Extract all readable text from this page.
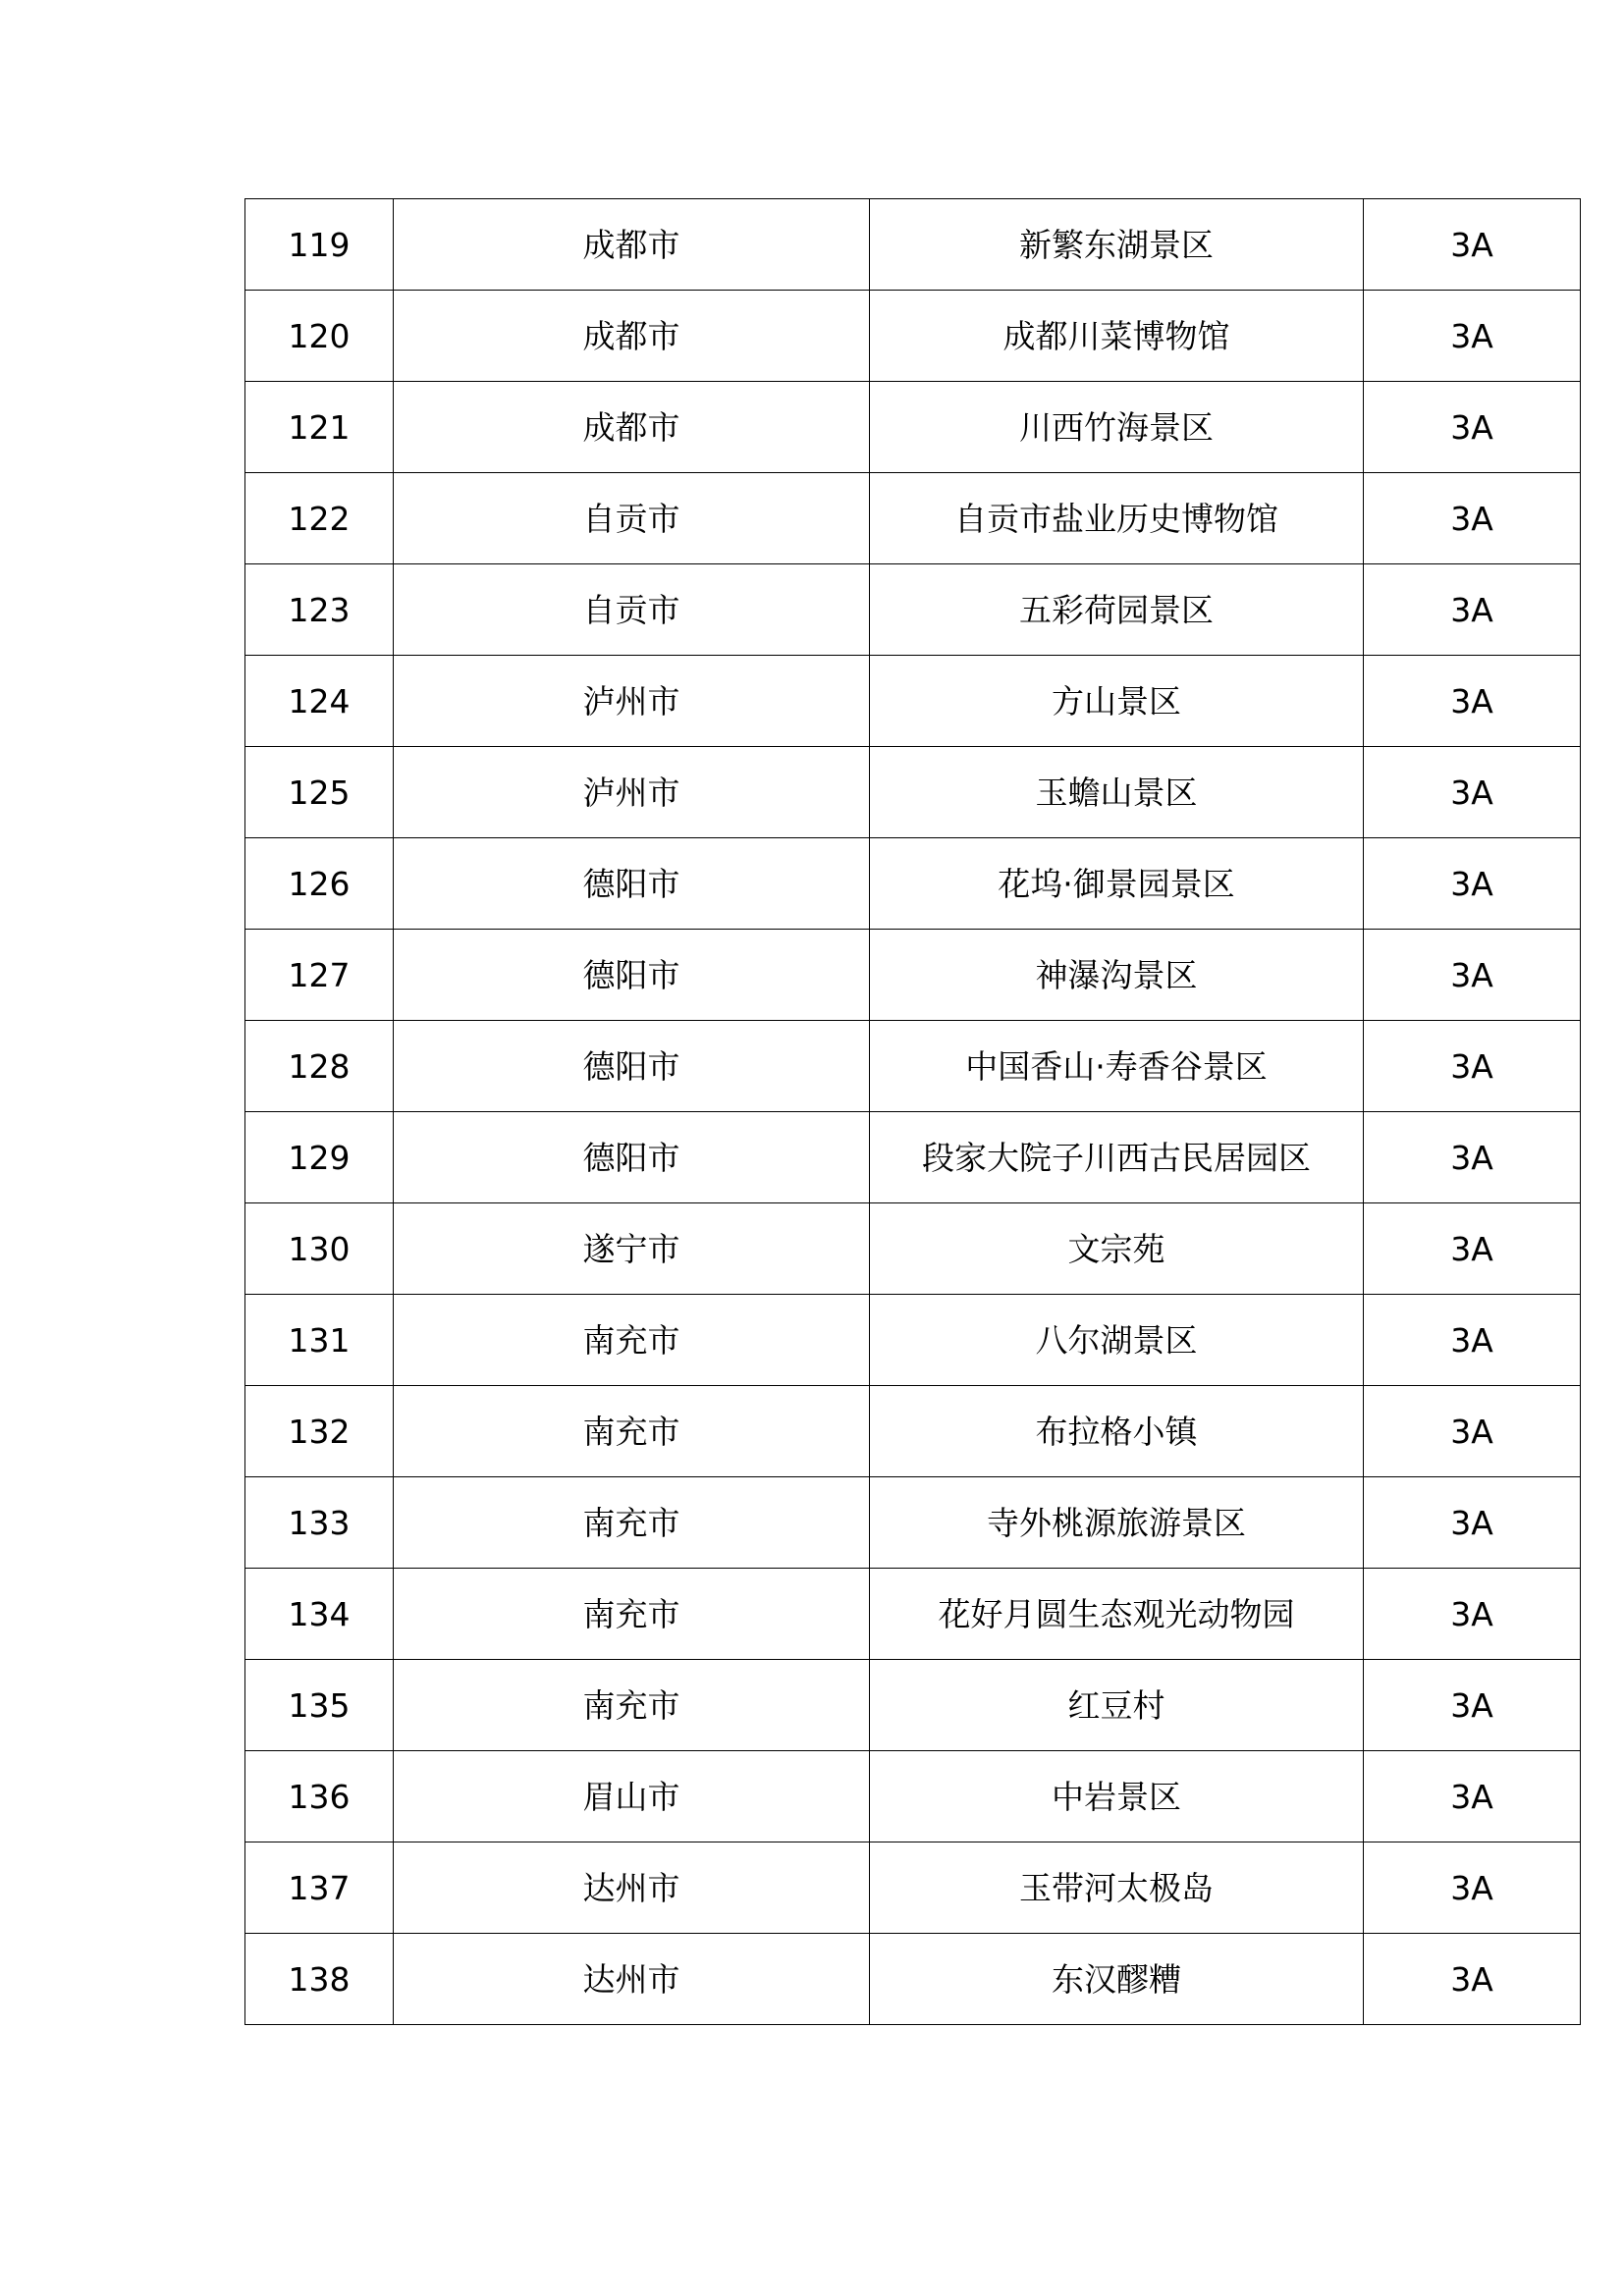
119	成都市	新繁东湖景区	3A
120	成都市	成都川菜博物馆	3A
121	成都市	川西竹海景区	3A
122	自贡市	自贡市盐业历史博物馆	3A
123	自贡市	五彩荷园景区	3A
124	泸州市	方山景区	3A
125	泸州市	玉蟾山景区	3A
126	德阳市	花坞·御景园景区	3A
127	德阳市	神瀑沟景区	3A
128	德阳市	中国香山·寿香谷景区	3A
129	德阳市	段家大院子川西古民居园区	3A
130	遂宁市	文宗苑	3A
131	南充市	八尔湖景区	3A
132	南充市	布拉格小镇	3A
133	南充市	寺外桃源旅游景区	3A
134	南充市	花好月圆生态观光动物园	3A
135	南充市	红豆村	3A
136	眉山市	中岩景区	3A
137	达州市	玉带河太极岛	3A
138	达州市	东汉醪糟	3A
